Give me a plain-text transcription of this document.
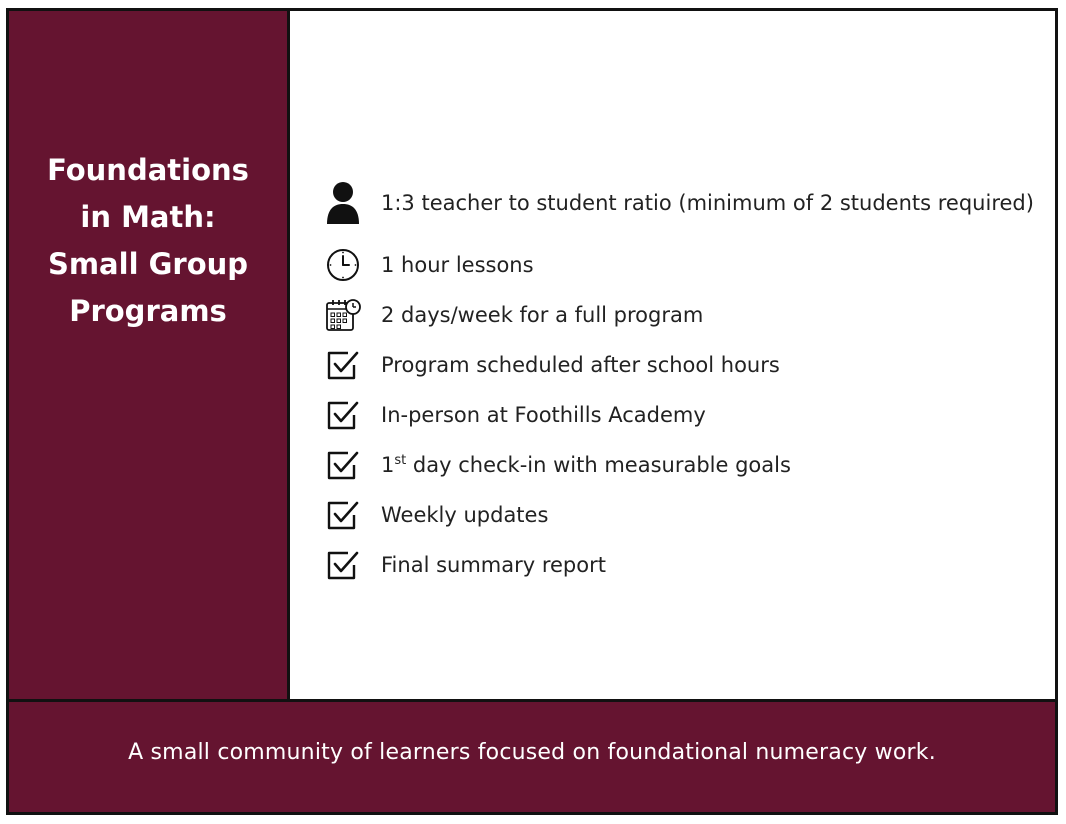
Foundations
in Math:
Small Group
Programs
1:3 teacher to student ratio (minimum of 2 students required)
1 hour lessons
2 days/week for a full program
Program scheduled after school hours
In-person at Foothills Academy
1st day check-in with measurable goals
Weekly updates
Final summary report
A small community of learners focused on foundational numeracy work.
